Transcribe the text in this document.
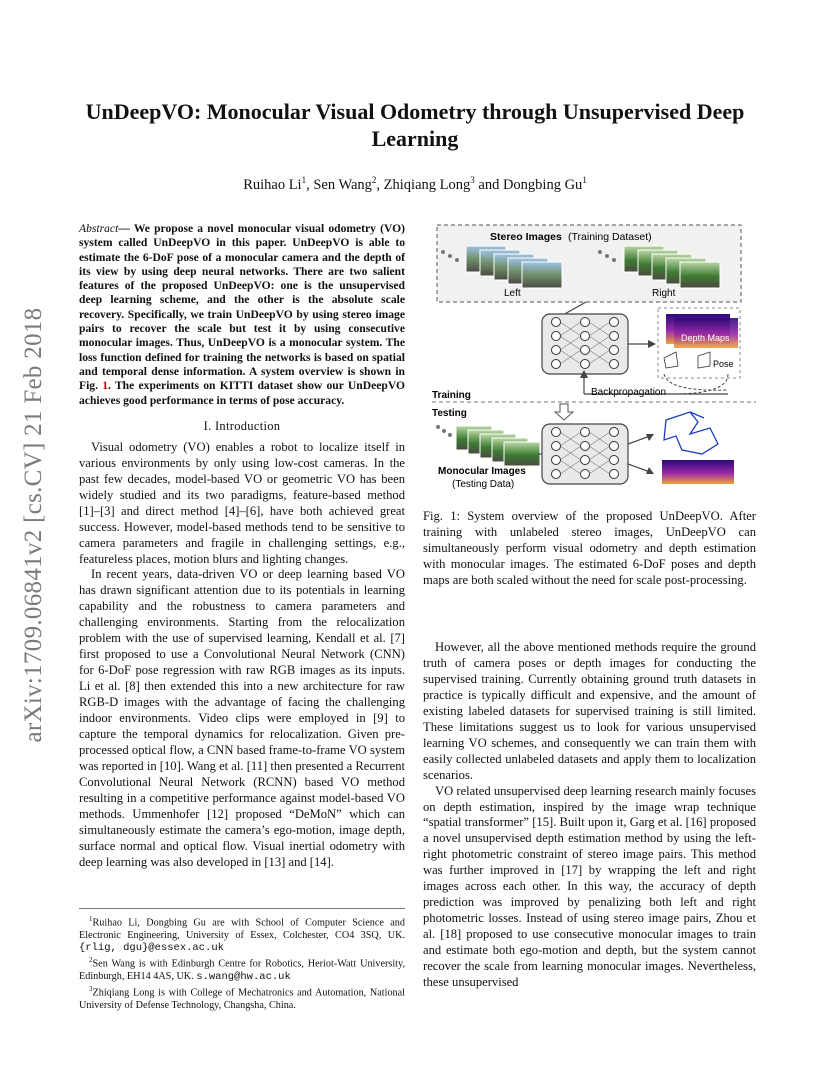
arXiv:1709.06841v2 [cs.CV] 21 Feb 2018
UnDeepVO: Monocular Visual Odometry through Unsupervised Deep Learning
Ruihao Li$^1$, Sen Wang$^2$, Zhiqiang Long$^3$ and Dongbing Gu$^1$
Abstract— We propose a novel monocular visual odometry (VO) system called UnDeepVO in this paper. UnDeepVO is able to estimate the 6-DoF pose of a monocular camera and the depth of its view by using deep neural networks. There are two salient features of the proposed UnDeepVO: one is the unsupervised deep learning scheme, and the other is the absolute scale recovery. Specifically, we train UnDeepVO by using stereo image pairs to recover the scale but test it by using consecutive monocular images. Thus, UnDeepVO is a monocular system. The loss function defined for training the networks is based on spatial and temporal dense information. A system overview is shown in Fig. 1. The experiments on KITTI dataset show our UnDeepVO achieves good performance in terms of pose accuracy.
I. Introduction

Visual odometry (VO) enables a robot to localize itself in various environments by only using low-cost cameras. In the past few decades, model-based VO or geometric VO has been widely studied and its two paradigms, feature-based method [1]–[3] and direct method [4]–[6], have both achieved great success. However, model-based methods tend to be sensitive to camera parameters and fragile in challenging settings, e.g., featureless places, motion blurs and lighting changes.

In recent years, data-driven VO or deep learning based VO has drawn significant attention due to its potentials in learning capability and the robustness to camera parameters and challenging environments. Starting from the relocalization problem with the use of supervised learning, Kendall et al. [7] first proposed to use a Convolutional Neural Network (CNN) for 6-DoF pose regression with raw RGB images as its inputs. Li et al. [8] then extended this into a new architecture for raw RGB-D images with the advantage of facing the challenging indoor environments. Video clips were employed in [9] to capture the temporal dynamics for relocalization. Given pre-processed optical flow, a CNN based frame-to-frame VO system was reported in [10]. Wang et al. [11] then presented a Recurrent Convolutional Neural Network (RCNN) based VO method resulting in a competitive performance against model-based VO methods. Ummenhofer [12] proposed “DeMoN” which can simultaneously estimate the camera’s ego-motion, image depth, surface normal and optical flow. Visual inertial odometry with deep learning was also developed in [13] and [14].

$^1$Ruihao Li, Dongbing Gu are with School of Computer Science and Electronic Engineering, University of Essex, Colchester, CO4 3SQ, UK. {rlig, dgu}@essex.ac.uk

$^2$Sen Wang is with Edinburgh Centre for Robotics, Heriot-Watt University, Edinburgh, EH14 4AS, UK. s.wang@hw.ac.uk

$^3$Zhiqiang Long is with College of Mechatronics and Automation, National University of Defense Technology, Changsha, China.

Stereo Images (Training Dataset)
Left	Right
Depth Maps
Pose
Backpropagation
Training
Testing
Monocular Images
(Testing Data)
Fig. 1: System overview of the proposed UnDeepVO. After training with unlabeled stereo images, UnDeepVO can simultaneously perform visual odometry and depth estimation with monocular images. The estimated 6-DoF poses and depth maps are both scaled without the need for scale post-processing.

However, all the above mentioned methods require the ground truth of camera poses or depth images for conducting the supervised training. Currently obtaining ground truth datasets in practice is typically difficult and expensive, and the amount of existing labeled datasets for supervised training is still limited. These limitations suggest us to look for various unsupervised learning VO schemes, and consequently we can train them with easily collected unlabeled datasets and apply them to localization scenarios.

VO related unsupervised deep learning research mainly focuses on depth estimation, inspired by the image wrap technique “spatial transformer” [15]. Built upon it, Garg et al. [16] proposed a novel unsupervised depth estimation method by using the left-right photometric constraint of stereo image pairs. This method was further improved in [17] by wrapping the left and right images across each other. In this way, the accuracy of depth prediction was improved by penalizing both left and right photometric losses. Instead of using stereo image pairs, Zhou et al. [18] proposed to use consecutive monocular images to train and estimate both ego-motion and depth, but the system cannot recover the scale from learning monocular images. Nevertheless, these unsupervised
